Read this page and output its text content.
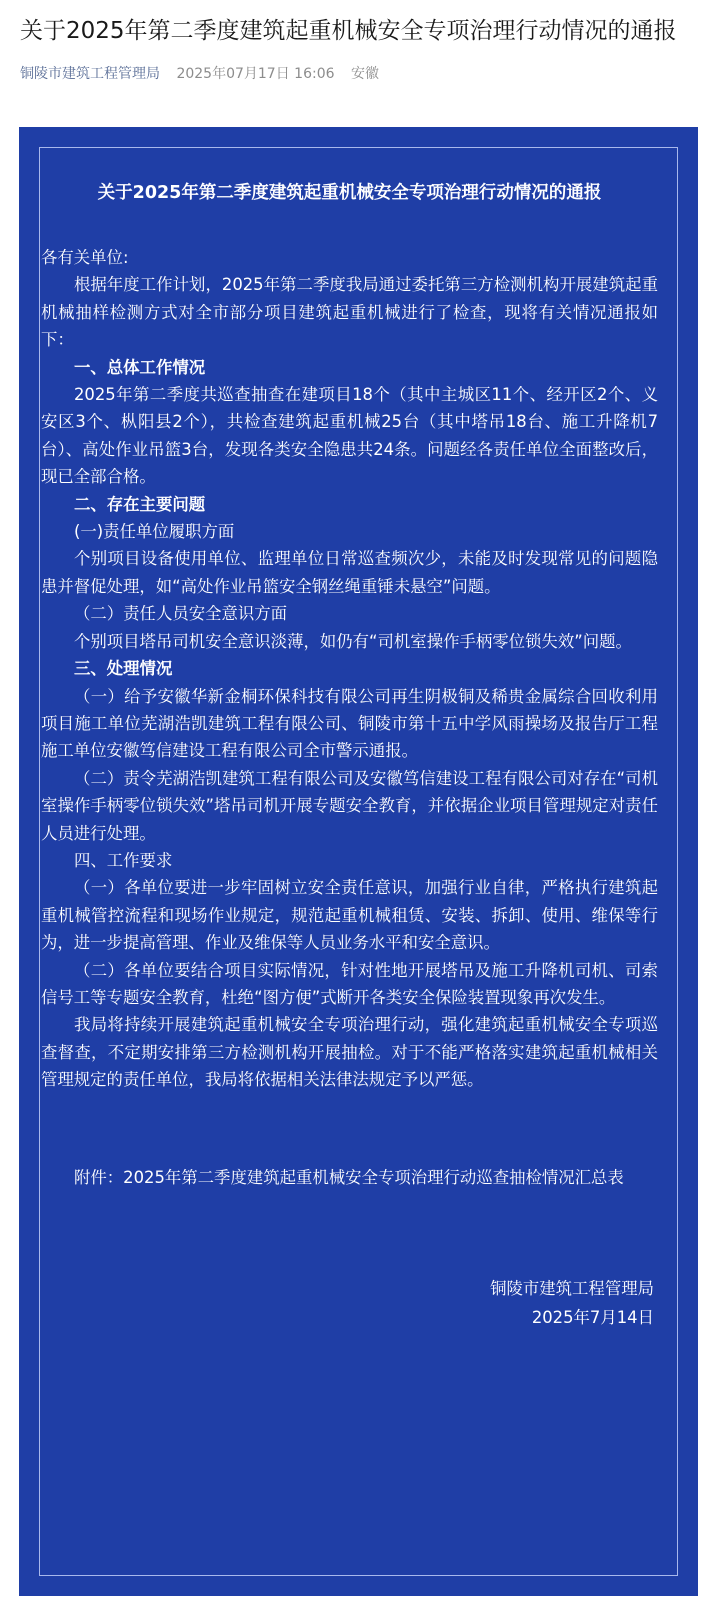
关于2025年第二季度建筑起重机械安全专项治理行动情况的通报
铜陵市建筑工程管理局 2025年07月17日 16:06 安徽
关于2025年第二季度建筑起重机械安全专项治理行动情况的通报

各有关单位:

根据年度工作计划，2025年第二季度我局通过委托第三方检测机构开展建筑起重机械抽样检测方式对全市部分项目建筑起重机械进行了检查，现将有关情况通报如下：

一、总体工作情况

2025年第二季度共巡查抽查在建项目18个（其中主城区11个、经开区2个、义安区3个、枞阳县2个），共检查建筑起重机械25台（其中塔吊18台、施工升降机7台）、高处作业吊篮3台，发现各类安全隐患共24条。问题经各责任单位全面整改后，现已全部合格。

二、存在主要问题

(一)责任单位履职方面

个别项目设备使用单位、监理单位日常巡查频次少，未能及时发现常见的问题隐患并督促处理，如“高处作业吊篮安全钢丝绳重锤未悬空”问题。

（二）责任人员安全意识方面

个别项目塔吊司机安全意识淡薄，如仍有“司机室操作手柄零位锁失效”问题。

三、处理情况

（一）给予安徽华新金桐环保科技有限公司再生阴极铜及稀贵金属综合回收利用项目施工单位芜湖浩凯建筑工程有限公司、铜陵市第十五中学风雨操场及报告厅工程施工单位安徽笃信建设工程有限公司全市警示通报。

（二）责令芜湖浩凯建筑工程有限公司及安徽笃信建设工程有限公司对存在“司机室操作手柄零位锁失效”塔吊司机开展专题安全教育，并依据企业项目管理规定对责任人员进行处理。

四、工作要求

（一）各单位要进一步牢固树立安全责任意识，加强行业自律，严格执行建筑起重机械管控流程和现场作业规定，规范起重机械租赁、安装、拆卸、使用、维保等行为，进一步提高管理、作业及维保等人员业务水平和安全意识。

（二）各单位要结合项目实际情况，针对性地开展塔吊及施工升降机司机、司索信号工等专题安全教育，杜绝“图方便”式断开各类安全保险装置现象再次发生。

我局将持续开展建筑起重机械安全专项治理行动，强化建筑起重机械安全专项巡查督查，不定期安排第三方检测机构开展抽检。对于不能严格落实建筑起重机械相关管理规定的责任单位，我局将依据相关法律法规定予以严惩。

附件：2025年第二季度建筑起重机械安全专项治理行动巡查抽检情况汇总表

铜陵市建筑工程管理局

2025年7月14日
